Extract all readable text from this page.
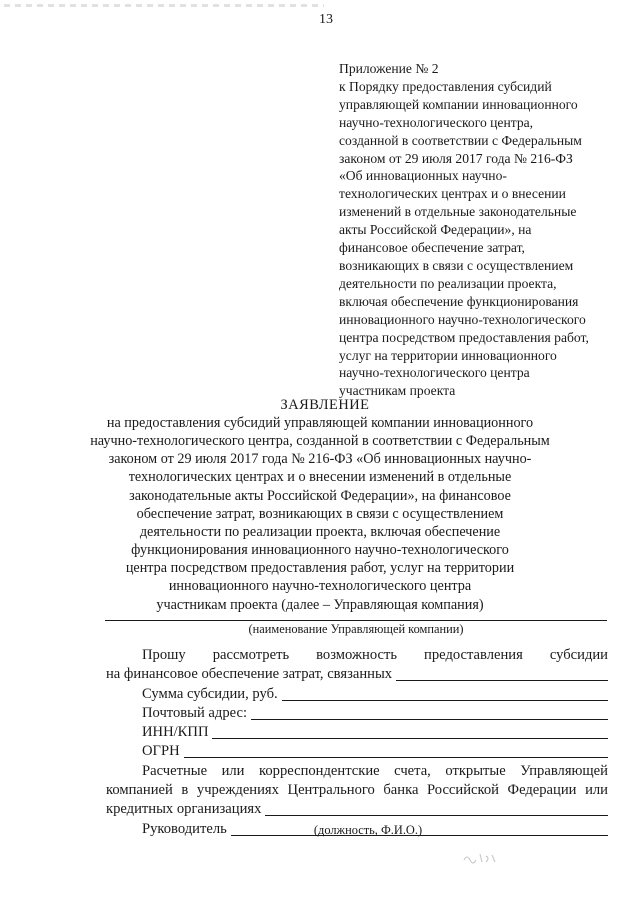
13
Приложение № 2
к Порядку предоставления субсидий
управляющей компании инновационного
научно-технологического центра,
созданной в соответствии с Федеральным
законом от 29 июля 2017 года № 216-ФЗ
«Об инновационных научно-
технологических центрах и о внесении
изменений в отдельные законодательные
акты Российской Федерации», на
финансовое обеспечение затрат,
возникающих в связи с осуществлением
деятельности по реализации проекта,
включая обеспечение функционирования
инновационного научно-технологического
центра посредством предоставления работ,
услуг на территории инновационного
научно-технологического центра
участникам проекта
ЗАЯВЛЕНИЕ
на предоставления субсидий управляющей компании инновационного
научно-технологического центра, созданной в соответствии с Федеральным
законом от 29 июля 2017 года № 216-ФЗ «Об инновационных научно-
технологических центрах и о внесении изменений в отдельные
законодательные акты Российской Федерации», на финансовое
обеспечение затрат, возникающих в связи с осуществлением
деятельности по реализации проекта, включая обеспечение
функционирования инновационного научно-технологического
центра посредством предоставления работ, услуг на территории
инновационного научно-технологического центра
участникам проекта (далее – Управляющая компания)
(наименование Управляющей компании)
Прошу рассмотреть возможность предоставления субсидии
на финансовое обеспечение затрат, связанных
Сумма субсидии, руб.
Почтовый адрес:
ИНН/КПП
ОГРН
Расчетные или корреспондентские счета, открытые Управляющей
компанией в учреждениях Центрального банка Российской Федерации или
кредитных организациях
Руководитель	(должность, Ф.И.О.)
